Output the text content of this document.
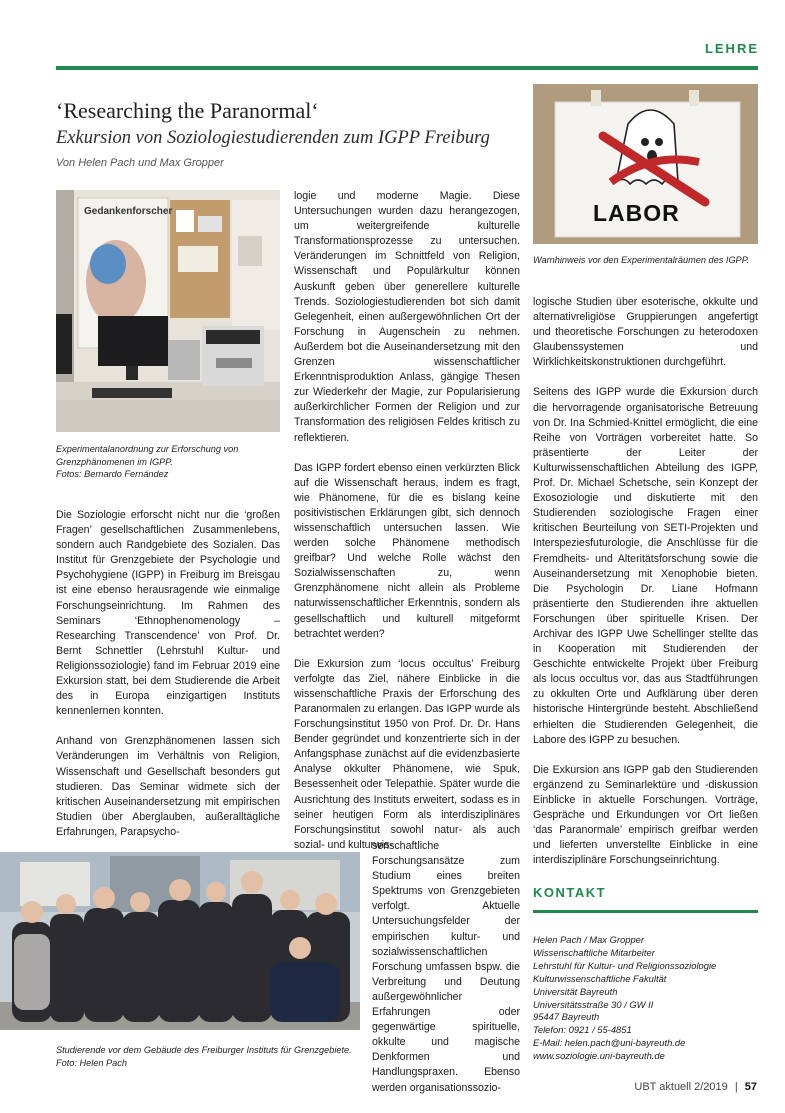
LEHRE
‘Researching the Paranormal‘
Exkursion von Soziologiestudierenden zum IGPP Freiburg
Von Helen Pach und Max Gropper
LABOR
Warnhinweis vor den Experimentalräumen des IGPP.
Gedankenforscher
Experimentalanordnung zur Erforschung von Grenzphänomenen im IGPP.
Fotos: Bernardo Fernández

Die Soziologie erforscht nicht nur die ‘großen Fragen’ gesellschaftlichen Zusammenlebens, sondern auch Randgebiete des Sozialen. Das Institut für Grenzgebiete der Psychologie und Psychohygiene (IGPP) in Freiburg im Breisgau ist eine ebenso herausragende wie einmalige Forschungseinrichtung. Im Rahmen des Seminars ‘Ethnophenomenology – Researching Transcendence’ von Prof. Dr. Bernt Schnettler (Lehrstuhl Kultur- und Religionssoziologie) fand im Februar 2019 eine Exkursion statt, bei dem Studierende die Arbeit des in Europa einzigartigen Instituts kennenlernen konnten.

Anhand von Grenzphänomenen lassen sich Veränderungen im Verhältnis von Religion, Wissenschaft und Gesellschaft besonders gut studieren. Das Seminar widmete sich der kritischen Auseinandersetzung mit empirischen Studien über Aberglauben, außeralltägliche Erfahrungen, Parapsycho-

Studierende vor dem Gebäude des Freiburger Instituts für Grenzgebiete.
Foto: Helen Pach

logie und moderne Magie. Diese Untersuchungen wurden dazu herangezogen, um weitergreifende kulturelle Transformationsprozesse zu untersuchen. Veränderungen im Schnittfeld von Religion, Wissenschaft und Populärkultur können Auskunft geben über generellere kulturelle Trends. Soziologiestudierenden bot sich damit Gelegenheit, einen außergewöhnlichen Ort der Forschung in Augenschein zu nehmen. Außerdem bot die Auseinandersetzung mit den Grenzen wissenschaftlicher Erkenntnisproduktion Anlass, gängige Thesen zur Wiederkehr der Magie, zur Popularisierung außerkirchlicher Formen der Religion und zur Transformation des religiösen Feldes kritisch zu reflektieren.

Das IGPP fordert ebenso einen verkürzten Blick auf die Wissenschaft heraus, indem es fragt, wie Phänomene, für die es bislang keine positivistischen Erklärungen gibt, sich dennoch wissenschaftlich untersuchen lassen. Wie werden solche Phänomene methodisch greifbar? Und welche Rolle wächst den Sozialwissenschaften zu, wenn Grenzphänomene nicht allein als Probleme naturwissenschaftlicher Erkenntnis, sondern als gesellschaftlich und kulturell mitgeformt betrachtet werden?

Die Exkursion zum ‘locus occultus’ Freiburg verfolgte das Ziel, nähere Einblicke in die wissenschaftliche Praxis der Erforschung des Paranormalen zu erlangen. Das IGPP wurde als Forschungsinstitut 1950 von Prof. Dr. Dr. Hans Bender gegründet und konzentrierte sich in der Anfangsphase zunächst auf die evidenzbasierte Analyse okkulter Phänomene, wie Spuk, Besessenheit oder Telepathie. Später wurde die Ausrichtung des Instituts erweitert, sodass es in seiner heutigen Form als interdisziplinäres Forschungsinstitut sowohl natur- als auch sozial- und kulturwis-

senschaftliche Forschungsansätze zum Studium eines breiten Spektrums von Grenzgebieten verfolgt. Aktuelle Untersuchungsfelder der empirischen kultur- und sozialwissenschaftlichen Forschung umfassen bspw. die Verbreitung und Deutung außergewöhnlicher Erfahrungen oder gegenwärtige spirituelle, okkulte und magische Denkformen und Handlungspraxen. Ebenso werden organisationssozio-

logische Studien über esoterische, okkulte und alternativreligiöse Gruppierungen angefertigt und theoretische Forschungen zu heterodoxen Glaubenssystemen und Wirklichkeitskonstruktionen durchgeführt.

Seitens des IGPP wurde die Exkursion durch die hervorragende organisatorische Betreuung von Dr. Ina Schmied-Knittel ermöglicht, die eine Reihe von Vorträgen vorbereitet hatte. So präsentierte der Leiter der Kulturwissenschaftlichen Abteilung des IGPP, Prof. Dr. Michael Schetsche, sein Konzept der Exosoziologie und diskutierte mit den Studierenden soziologische Fragen einer kritischen Beurteilung von SETI-Projekten und Interspeziesfuturologie, die Anschlüsse für die Fremdheits- und Alteritätsforschung sowie die Auseinandersetzung mit Xenophobie bieten. Die Psychologin Dr. Liane Hofmann präsentierte den Studierenden ihre aktuellen Forschungen über spirituelle Krisen. Der Archivar des IGPP Uwe Schellinger stellte das in Kooperation mit Studierenden der Geschichte entwickelte Projekt über Freiburg als locus occultus vor, das aus Stadtführungen zu okkulten Orte und Aufklärung über deren historische Hintergründe besteht. Abschließend erhielten die Studierenden Gelegenheit, die Labore des IGPP zu besuchen.

Die Exkursion ans IGPP gab den Studierenden ergänzend zu Seminarlektüre und -diskussion Einblicke in aktuelle Forschungen. Vorträge, Gespräche und Erkundungen vor Ort ließen ‘das Paranormale’ empirisch greifbar werden und lieferten unverstellte Einblicke in eine interdisziplinäre Forschungseinrichtung.

KONTAKT
Helen Pach / Max Gropper
Wissenschaftliche Mitarbeiter
Lehrstuhl für Kultur- und Religionssoziologie
Kulturwissenschaftliche Fakultät
Universität Bayreuth
Universitätsstraße 30 / GW II
95447 Bayreuth
Telefon: 0921 / 55-4851
E-Mail: helen.pach@uni-bayreuth.de
www.soziologie.uni-bayreuth.de
UBT aktuell 2/2019 | 57
